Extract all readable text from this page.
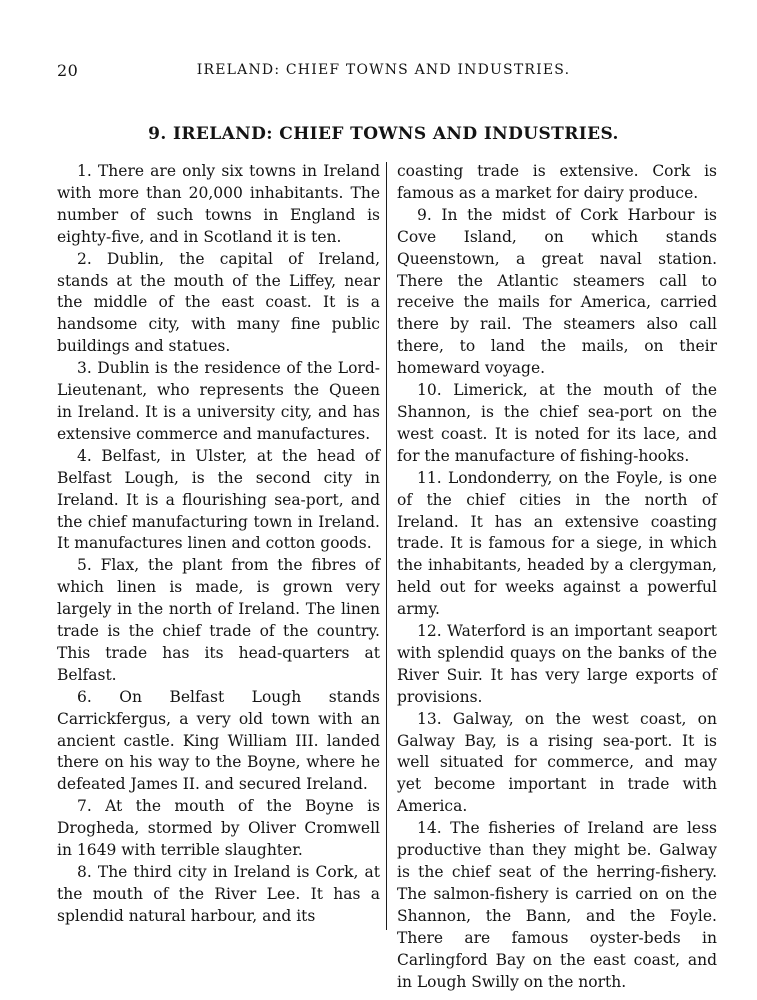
20	IRELAND: CHIEF TOWNS AND INDUSTRIES.
9. IRELAND: CHIEF TOWNS AND INDUSTRIES.

1. There are only six towns in Ireland with more than 20,000 inhabitants. The number of such towns in England is eighty-five, and in Scotland it is ten.

2. Dublin, the capital of Ireland, stands at the mouth of the Liffey, near the middle of the east coast. It is a handsome city, with many fine public buildings and statues.

3. Dublin is the residence of the Lord-Lieutenant, who represents the Queen in Ireland. It is a university city, and has extensive commerce and manufactures.

4. Belfast, in Ulster, at the head of Belfast Lough, is the second city in Ireland. It is a flourishing sea-port, and the chief manufacturing town in Ireland. It manufactures linen and cotton goods.

5. Flax, the plant from the fibres of which linen is made, is grown very largely in the north of Ireland. The linen trade is the chief trade of the country. This trade has its head-quarters at Belfast.

6. On Belfast Lough stands Carrickfergus, a very old town with an ancient castle. King William III. landed there on his way to the Boyne, where he defeated James II. and secured Ireland.

7. At the mouth of the Boyne is Drogheda, stormed by Oliver Cromwell in 1649 with terrible slaughter.

8. The third city in Ireland is Cork, at the mouth of the River Lee. It has a splendid natural harbour, and its

coasting trade is extensive. Cork is famous as a market for dairy produce.

9. In the midst of Cork Harbour is Cove Island, on which stands Queenstown, a great naval station. There the Atlantic steamers call to receive the mails for America, carried there by rail. The steamers also call there, to land the mails, on their homeward voyage.

10. Limerick, at the mouth of the Shannon, is the chief sea-port on the west coast. It is noted for its lace, and for the manufacture of fishing-hooks.

11. Londonderry, on the Foyle, is one of the chief cities in the north of Ireland. It has an extensive coasting trade. It is famous for a siege, in which the inhabitants, headed by a clergyman, held out for weeks against a powerful army.

12. Waterford is an important seaport with splendid quays on the banks of the River Suir. It has very large exports of provisions.

13. Galway, on the west coast, on Galway Bay, is a rising sea-port. It is well situated for commerce, and may yet become important in trade with America.

14. The fisheries of Ireland are less productive than they might be. Galway is the chief seat of the herring-fishery. The salmon-fishery is carried on on the Shannon, the Bann, and the Foyle. There are famous oyster-beds in Carlingford Bay on the east coast, and in Lough Swilly on the north.
